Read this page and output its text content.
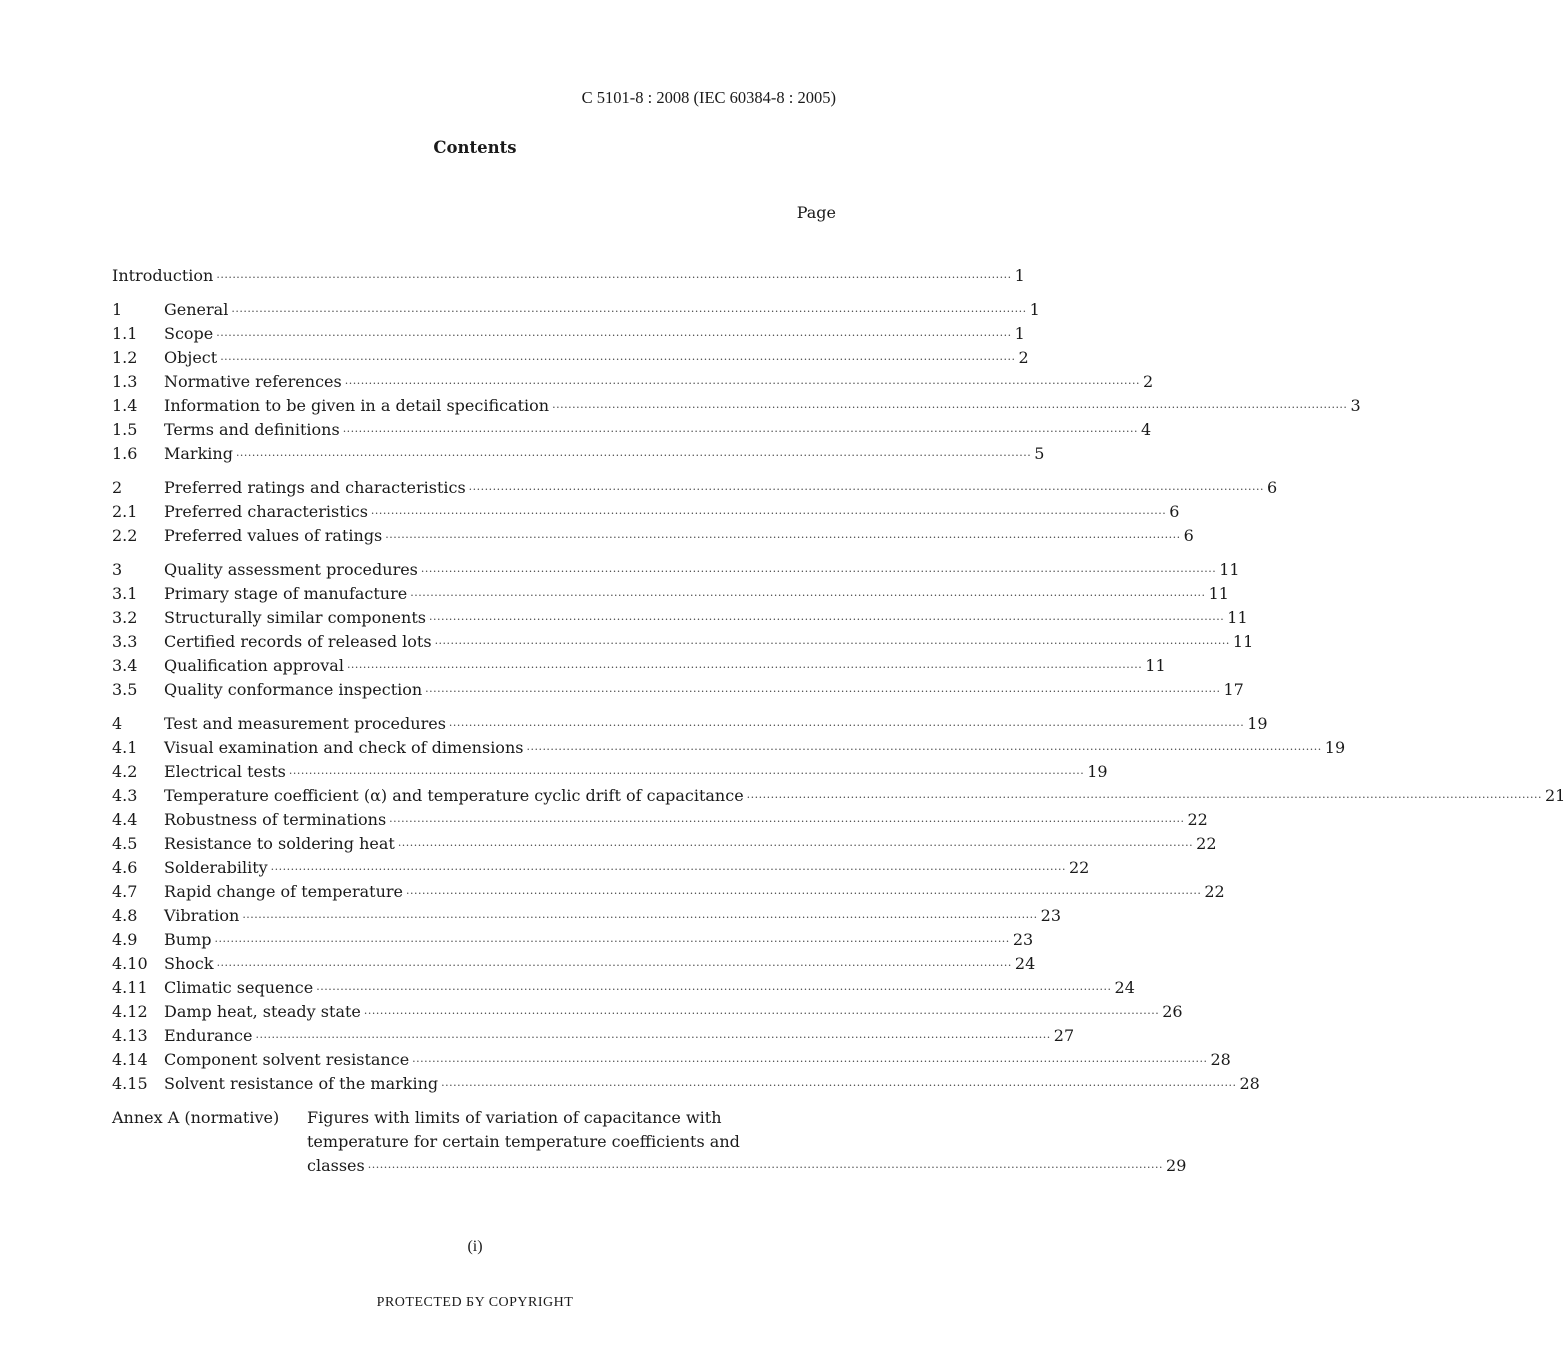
C 5101-8 : 2008 (IEC 60384-8 : 2005)
Contents
Page
Introduction ·····	1
1	General ·····	1
1.1	Scope ·····	1
1.2	Object ·····	2
1.3	Normative references ·····	2
1.4	Information to be given in a detail specification ·····	3
1.5	Terms and definitions ·····	4
1.6	Marking ·····	5
2	Preferred ratings and characteristics ·····	6
2.1	Preferred characteristics ·····	6
2.2	Preferred values of ratings ·····	6
3	Quality assessment procedures ·····	11
3.1	Primary stage of manufacture ·····	11
3.2	Structurally similar components ·····	11
3.3	Certified records of released lots ·····	11
3.4	Qualification approval ·····	11
3.5	Quality conformance inspection ·····	17
4	Test and measurement procedures ·····	19
4.1	Visual examination and check of dimensions ·····	19
4.2	Electrical tests ·····	19
4.3	Temperature coefficient (α) and temperature cyclic drift of capacitance ·····	21
4.4	Robustness of terminations ·····	22
4.5	Resistance to soldering heat ·····	22
4.6	Solderability ·····	22
4.7	Rapid change of temperature ·····	22
4.8	Vibration ·····	23
4.9	Bump ·····	23
4.10	Shock ·····	24
4.11	Climatic sequence ·····	24
4.12	Damp heat, steady state ·····	26
4.13	Endurance ·····	27
4.14	Component solvent resistance ·····	28
4.15	Solvent resistance of the marking ·····	28
Annex A (normative)	Figures with limits of variation of capacitance with
temperature for certain temperature coefficients and
classes ·····	29
(i)
PROTECTED БY COPYRIGHT
